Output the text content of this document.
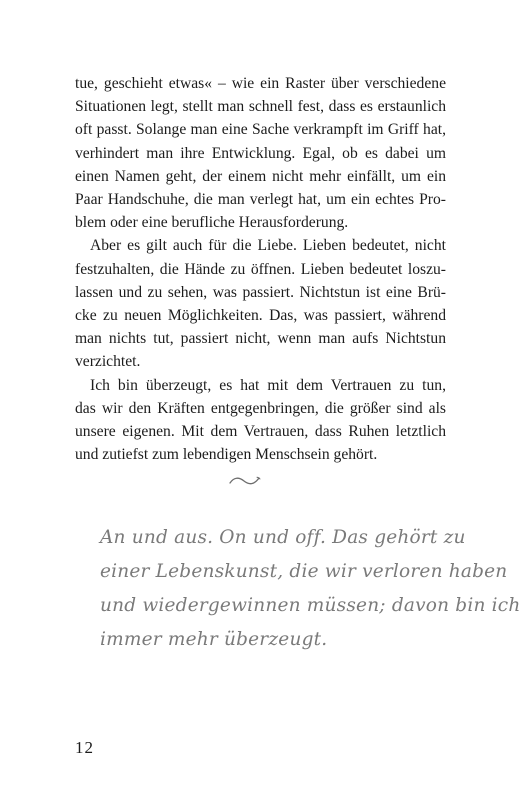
tue, geschieht etwas« – wie ein Raster über verschiedene
Situationen legt, stellt man schnell fest, dass es erstaunlich
oft passt. Solange man eine Sache verkrampft im Griff hat,
verhindert man ihre Entwicklung. Egal, ob es dabei um
einen Namen geht, der einem nicht mehr einfällt, um ein
Paar Handschuhe, die man verlegt hat, um ein echtes Pro-
blem oder eine berufliche Herausforderung.

Aber es gilt auch für die Liebe. Lieben bedeutet, nicht
festzuhalten, die Hände zu öffnen. Lieben bedeutet loszu-
lassen und zu sehen, was passiert. Nichtstun ist eine Brü-
cke zu neuen Möglichkeiten. Das, was passiert, während
man nichts tut, passiert nicht, wenn man aufs Nichtstun
verzichtet.

Ich bin überzeugt, es hat mit dem Vertrauen zu tun,
das wir den Kräften entgegenbringen, die größer sind als
unsere eigenen. Mit dem Vertrauen, dass Ruhen letztlich
und zutiefst zum lebendigen Menschsein gehört.

An und aus. On und off. Das gehört zu
einer Lebenskunst, die wir verloren haben
und wiedergewinnen müssen; davon bin ich
immer mehr überzeugt.
12
